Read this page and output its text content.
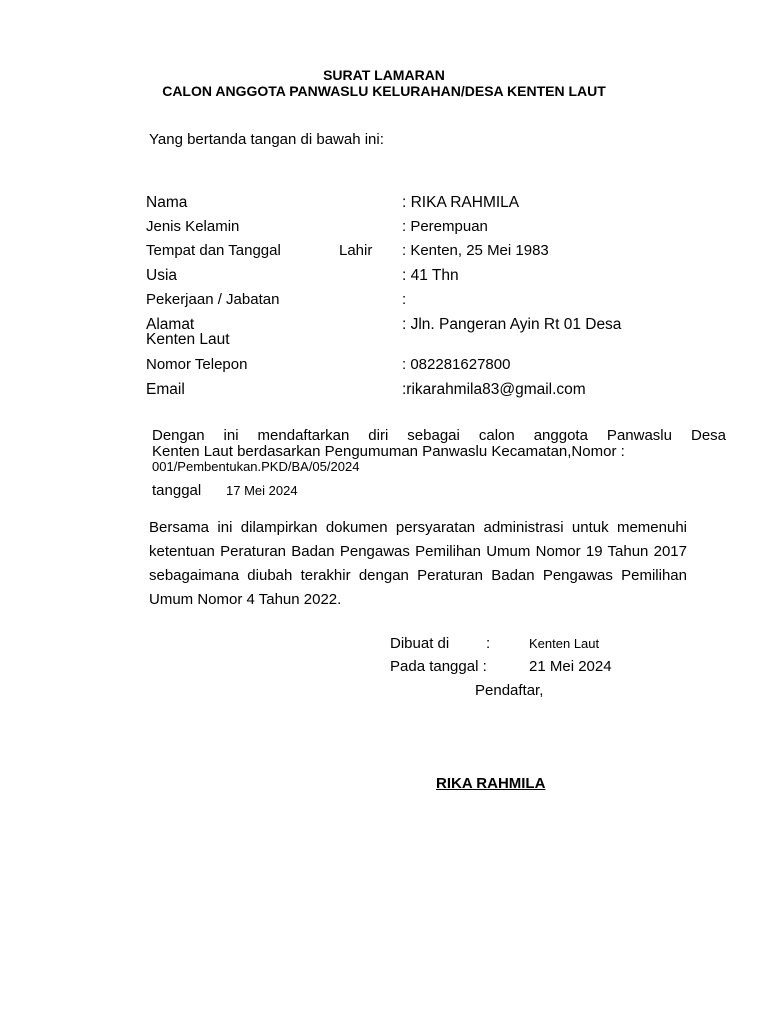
SURAT LAMARAN
CALON ANGGOTA PANWASLU KELURAHAN/DESA KENTEN LAUT
Yang bertanda tangan di bawah ini:
Nama	: RIKA RAHMILA
Jenis Kelamin	: Perempuan
Tempat dan Tanggal	Lahir : Kenten, 25 Mei 1983
Usia	: 41 Thn
Pekerjaan / Jabatan	:
Alamat	: Jln. Pangeran Ayin Rt 01 Desa
Kenten Laut
Nomor Telepon	: 082281627800
Email	:rikarahmila83@gmail.com
Dengan ini mendaftarkan diri sebagai calon anggota Panwaslu Desa
Kenten Laut berdasarkan Pengumuman Panwaslu Kecamatan,Nomor :
001/Pembentukan.PKD/BA/05/2024
tanggal 17 Mei 2024
Bersama ini dilampirkan dokumen persyaratan administrasi untuk memenuhi ketentuan Peraturan Badan Pengawas Pemilihan Umum Nomor 19 Tahun 2017 sebagaimana diubah terakhir dengan Peraturan Badan Pengawas Pemilihan Umum Nomor 4 Tahun 2022.
Dibuat di :	Kenten Laut
Pada tanggal :	21 Mei 2024
Pendaftar,
RIKA RAHMILA
